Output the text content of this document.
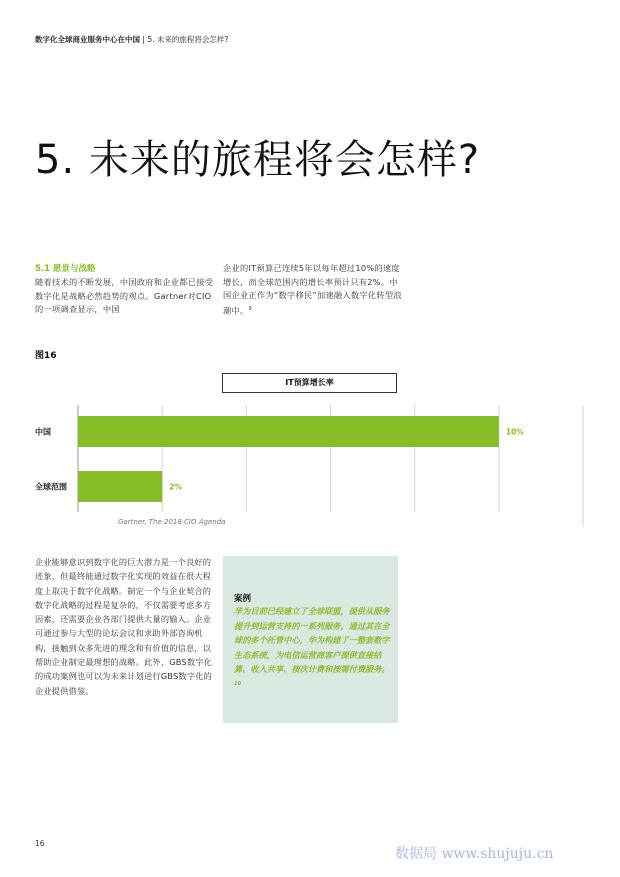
数字化全球商业服务中心在中国 | 5. 未来的旅程将会怎样?
5. 未来的旅程将会怎样?
5.1 愿景与战略

随着技术的不断发展，中国政府和企业都已接受数字化是战略必然趋势的观点。Gartner对CIO的一项调查显示，中国

企业的IT预算已连续5年以每年超过10%的速度增长，而全球范围内的增长率预计只有2%。中国企业正作为“数字移民”加速融入数字化转型浪潮中。$^9$

图16
IT预算增长率
中国	10%
全球范围	2%
Gartner, The 2018 CIO Agenda

企业能够意识到数字化的巨大潜力是一个良好的迹象，但最终能通过数字化实现的效益在很大程度上取决于数字化战略。制定一个与企业契合的数字化战略的过程是复杂的，不仅需要考虑多方因素，还需要企业各部门提供大量的输入。企业可通过参与大型的论坛会议和求助外部咨询机构，接触到众多先进的理念和有价值的信息，以帮助企业制定最理想的战略。此外，GBS数字化的成功案例也可以为未来计划进行GBS数字化的企业提供借鉴。

案例

华为目前已经建立了全球联盟，提供从服务提升到运营支持的一系列服务，通过其在全球的多个托管中心，华为构建了一整套数字生态系统，为电信运营商客户提供直接结算、收入共享、按次计费和按需付费服务。$^{10}$

16
数据局 www.shujuju.cn
